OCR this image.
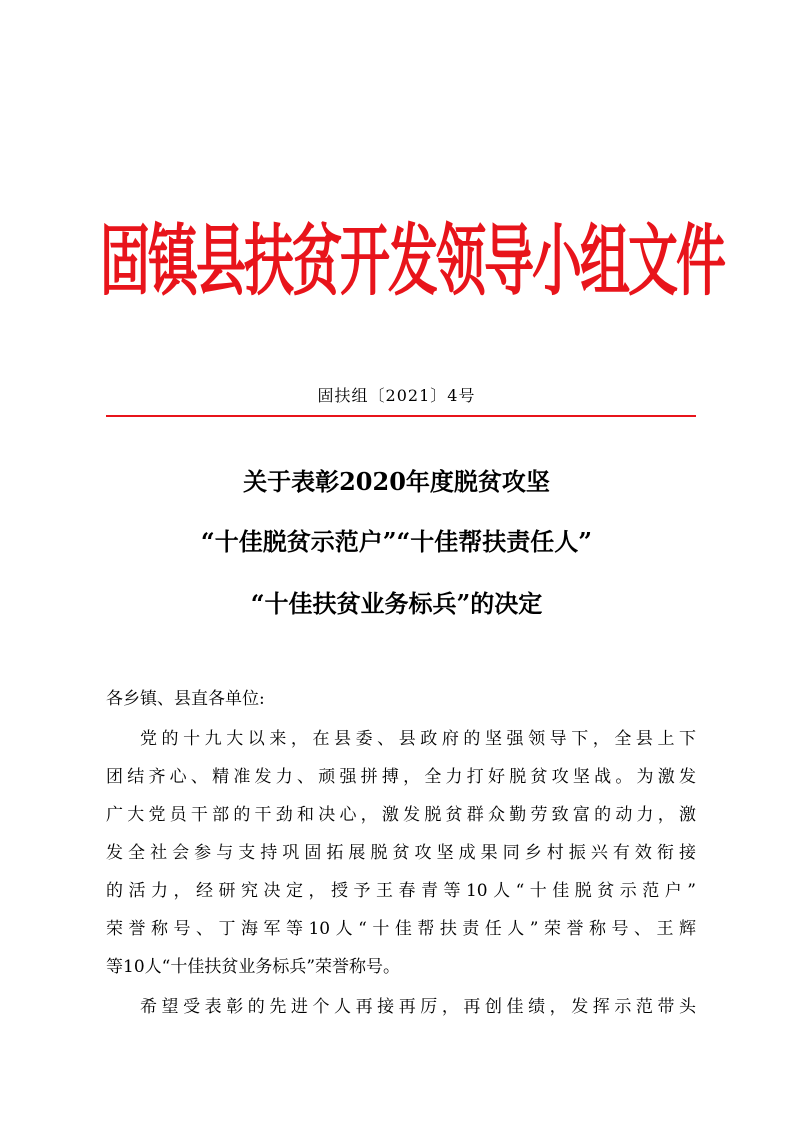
固镇县扶贫开发领导小组文件
固扶组〔2021〕4号
关于表彰2020年度脱贫攻坚
“十佳脱贫示范户”“十佳帮扶责任人”
“十佳扶贫业务标兵”的决定
各乡镇、县直各单位:
党的十九大以来，在县委、县政府的坚强领导下，全县上下
团结齐心、精准发力、顽强拼搏，全力打好脱贫攻坚战。为激发
广大党员干部的干劲和决心，激发脱贫群众勤劳致富的动力，激
发全社会参与支持巩固拓展脱贫攻坚成果同乡村振兴有效衔接
的活力，经研究决定，授予王春青等10人“十佳脱贫示范户”
荣誉称号、丁海军等10人“十佳帮扶责任人”荣誉称号、王辉
等10人“十佳扶贫业务标兵”荣誉称号。
希望受表彰的先进个人再接再厉，再创佳绩，发挥示范带头
